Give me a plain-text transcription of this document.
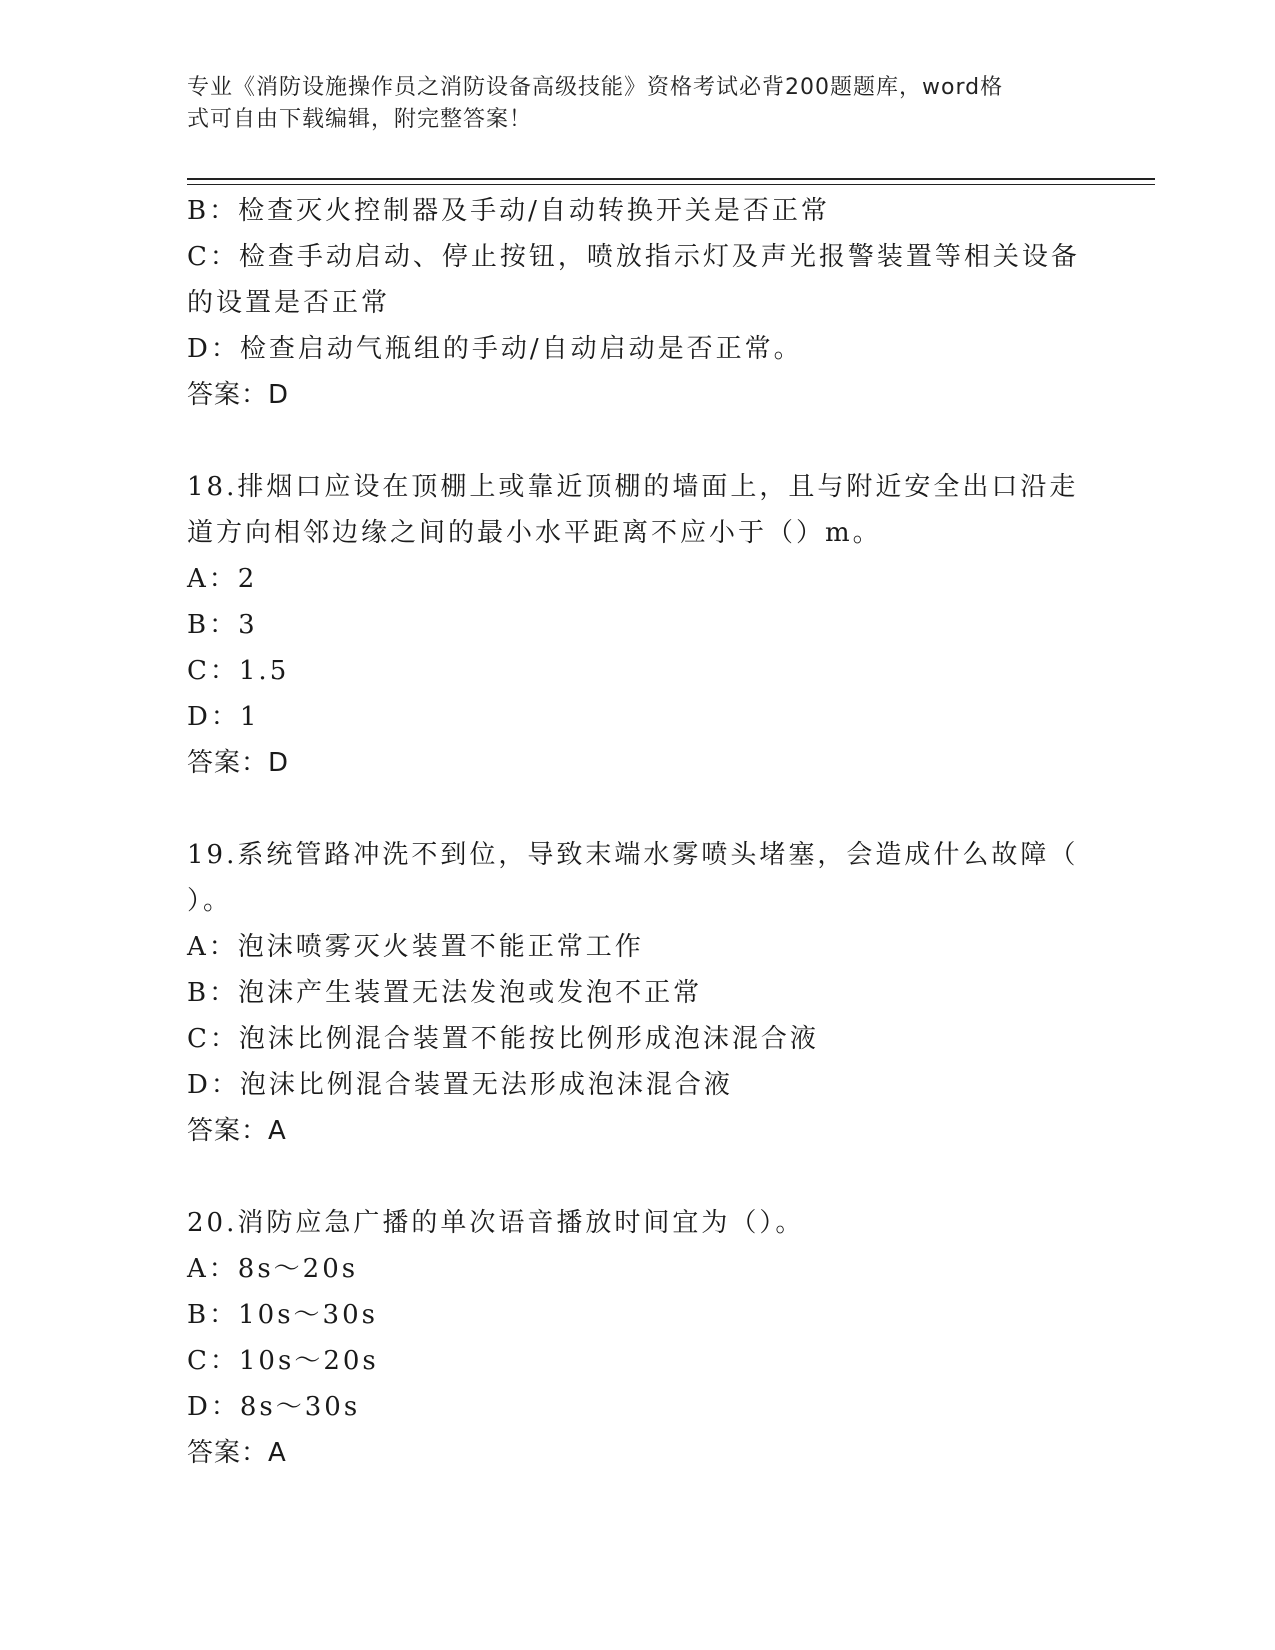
专业《消防设施操作员之消防设备高级技能》资格考试必背200题题库，word格
式可自由下载编辑，附完整答案！

B：检查灭火控制器及手动/自动转换开关是否正常

C：检查手动启动、停止按钮，喷放指示灯及声光报警装置等相关设备

的设置是否正常

D：检查启动气瓶组的手动/自动启动是否正常。

答案：D

18.排烟口应设在顶棚上或靠近顶棚的墙面上，且与附近安全出口沿走

道方向相邻边缘之间的最小水平距离不应小于（）m。

A：2

B：3

C：1.5

D：1

答案：D

19.系统管路冲洗不到位，导致末端水雾喷头堵塞，会造成什么故障（

）。

A：泡沫喷雾灭火装置不能正常工作

B：泡沫产生装置无法发泡或发泡不正常

C：泡沫比例混合装置不能按比例形成泡沫混合液

D：泡沫比例混合装置无法形成泡沫混合液

答案：A

20.消防应急广播的单次语音播放时间宜为（）。

A：8s～20s

B：10s～30s

C：10s～20s

D：8s～30s

答案：A
